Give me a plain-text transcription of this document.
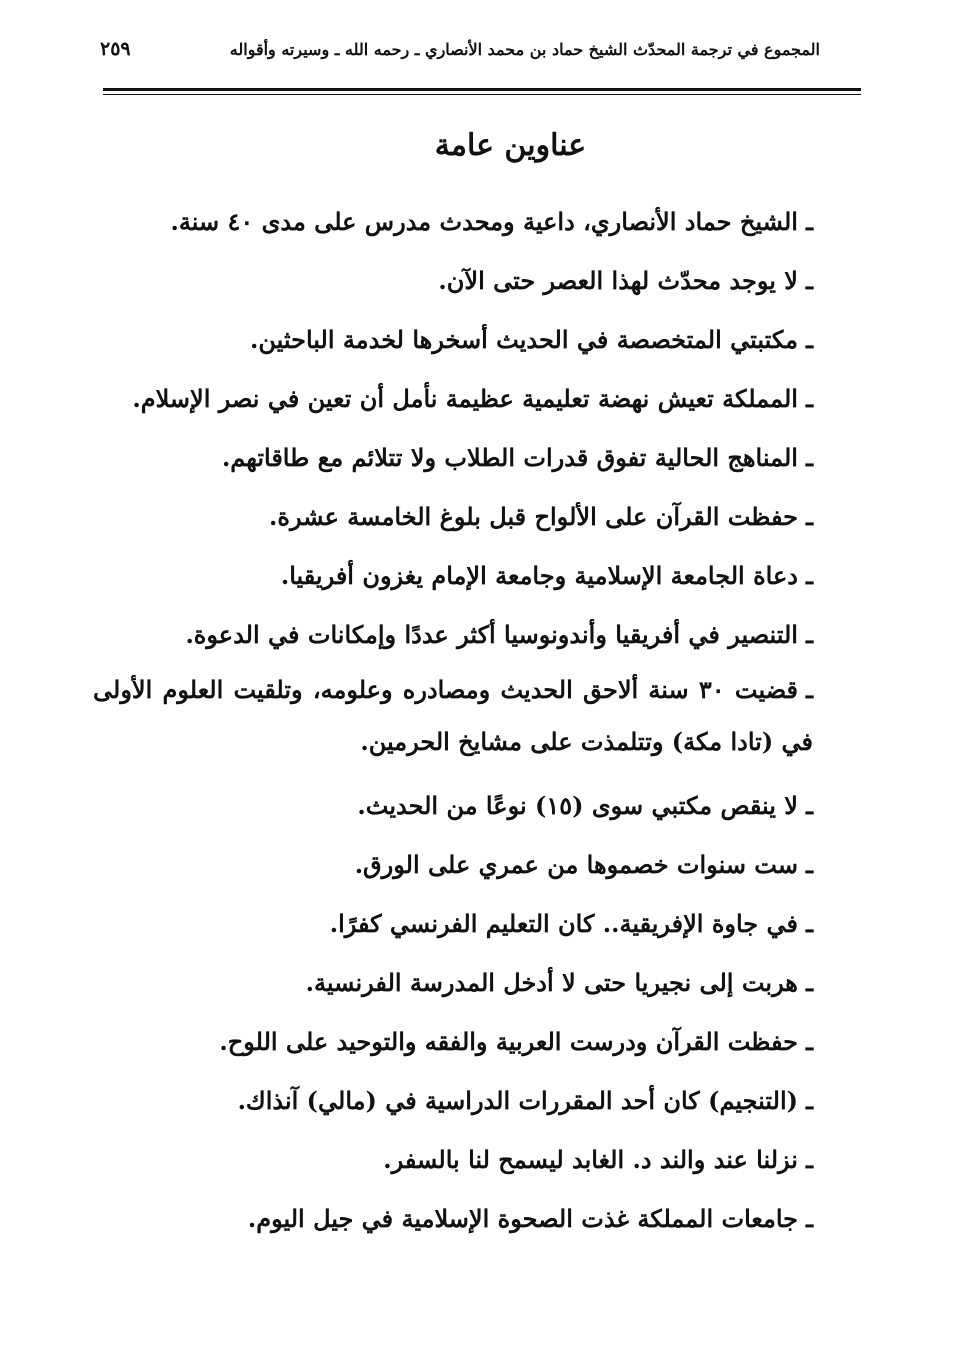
المجموع في ترجمة المحدّث الشيخ حماد بن محمد الأنصاري ـ رحمه الله ـ وسيرته وأقواله
٢٥٩
عناوين عامة
ـالشيخ حماد الأنصاري، داعية ومحدث مدرس على مدى ٤٠ سنة.
ـلا يوجد محدّث لهذا العصر حتى الآن.
ـمكتبتي المتخصصة في الحديث أسخرها لخدمة الباحثين.
ـالمملكة تعيش نهضة تعليمية عظيمة نأمل أن تعين في نصر الإسلام.
ـالمناهج الحالية تفوق قدرات الطلاب ولا تتلائم مع طاقاتهم.
ـحفظت القرآن على الألواح قبل بلوغ الخامسة عشرة.
ـدعاة الجامعة الإسلامية وجامعة الإمام يغزون أفريقيا.
ـالتنصير في أفريقيا وأندونوسيا أكثر عددًا وإمكانات في الدعوة.
ـقضيت ٣٠ سنة ألاحق الحديث ومصادره وعلومه، وتلقيت العلوم الأولى في (تادا مكة) وتتلمذت على مشايخ الحرمين.
ـلا ينقص مكتبي سوى (١٥) نوعًا من الحديث.
ـست سنوات خصموها من عمري على الورق.
ـفي جاوة الإفريقية.. كان التعليم الفرنسي كفرًا.
ـهربت إلى نجيريا حتى لا أدخل المدرسة الفرنسية.
ـحفظت القرآن ودرست العربية والفقه والتوحيد على اللوح.
ـ(التنجيم) كان أحد المقررات الدراسية في (مالي) آنذاك.
ـنزلنا عند والند د. الغابد ليسمح لنا بالسفر.
ـجامعات المملكة غذت الصحوة الإسلامية في جيل اليوم.
